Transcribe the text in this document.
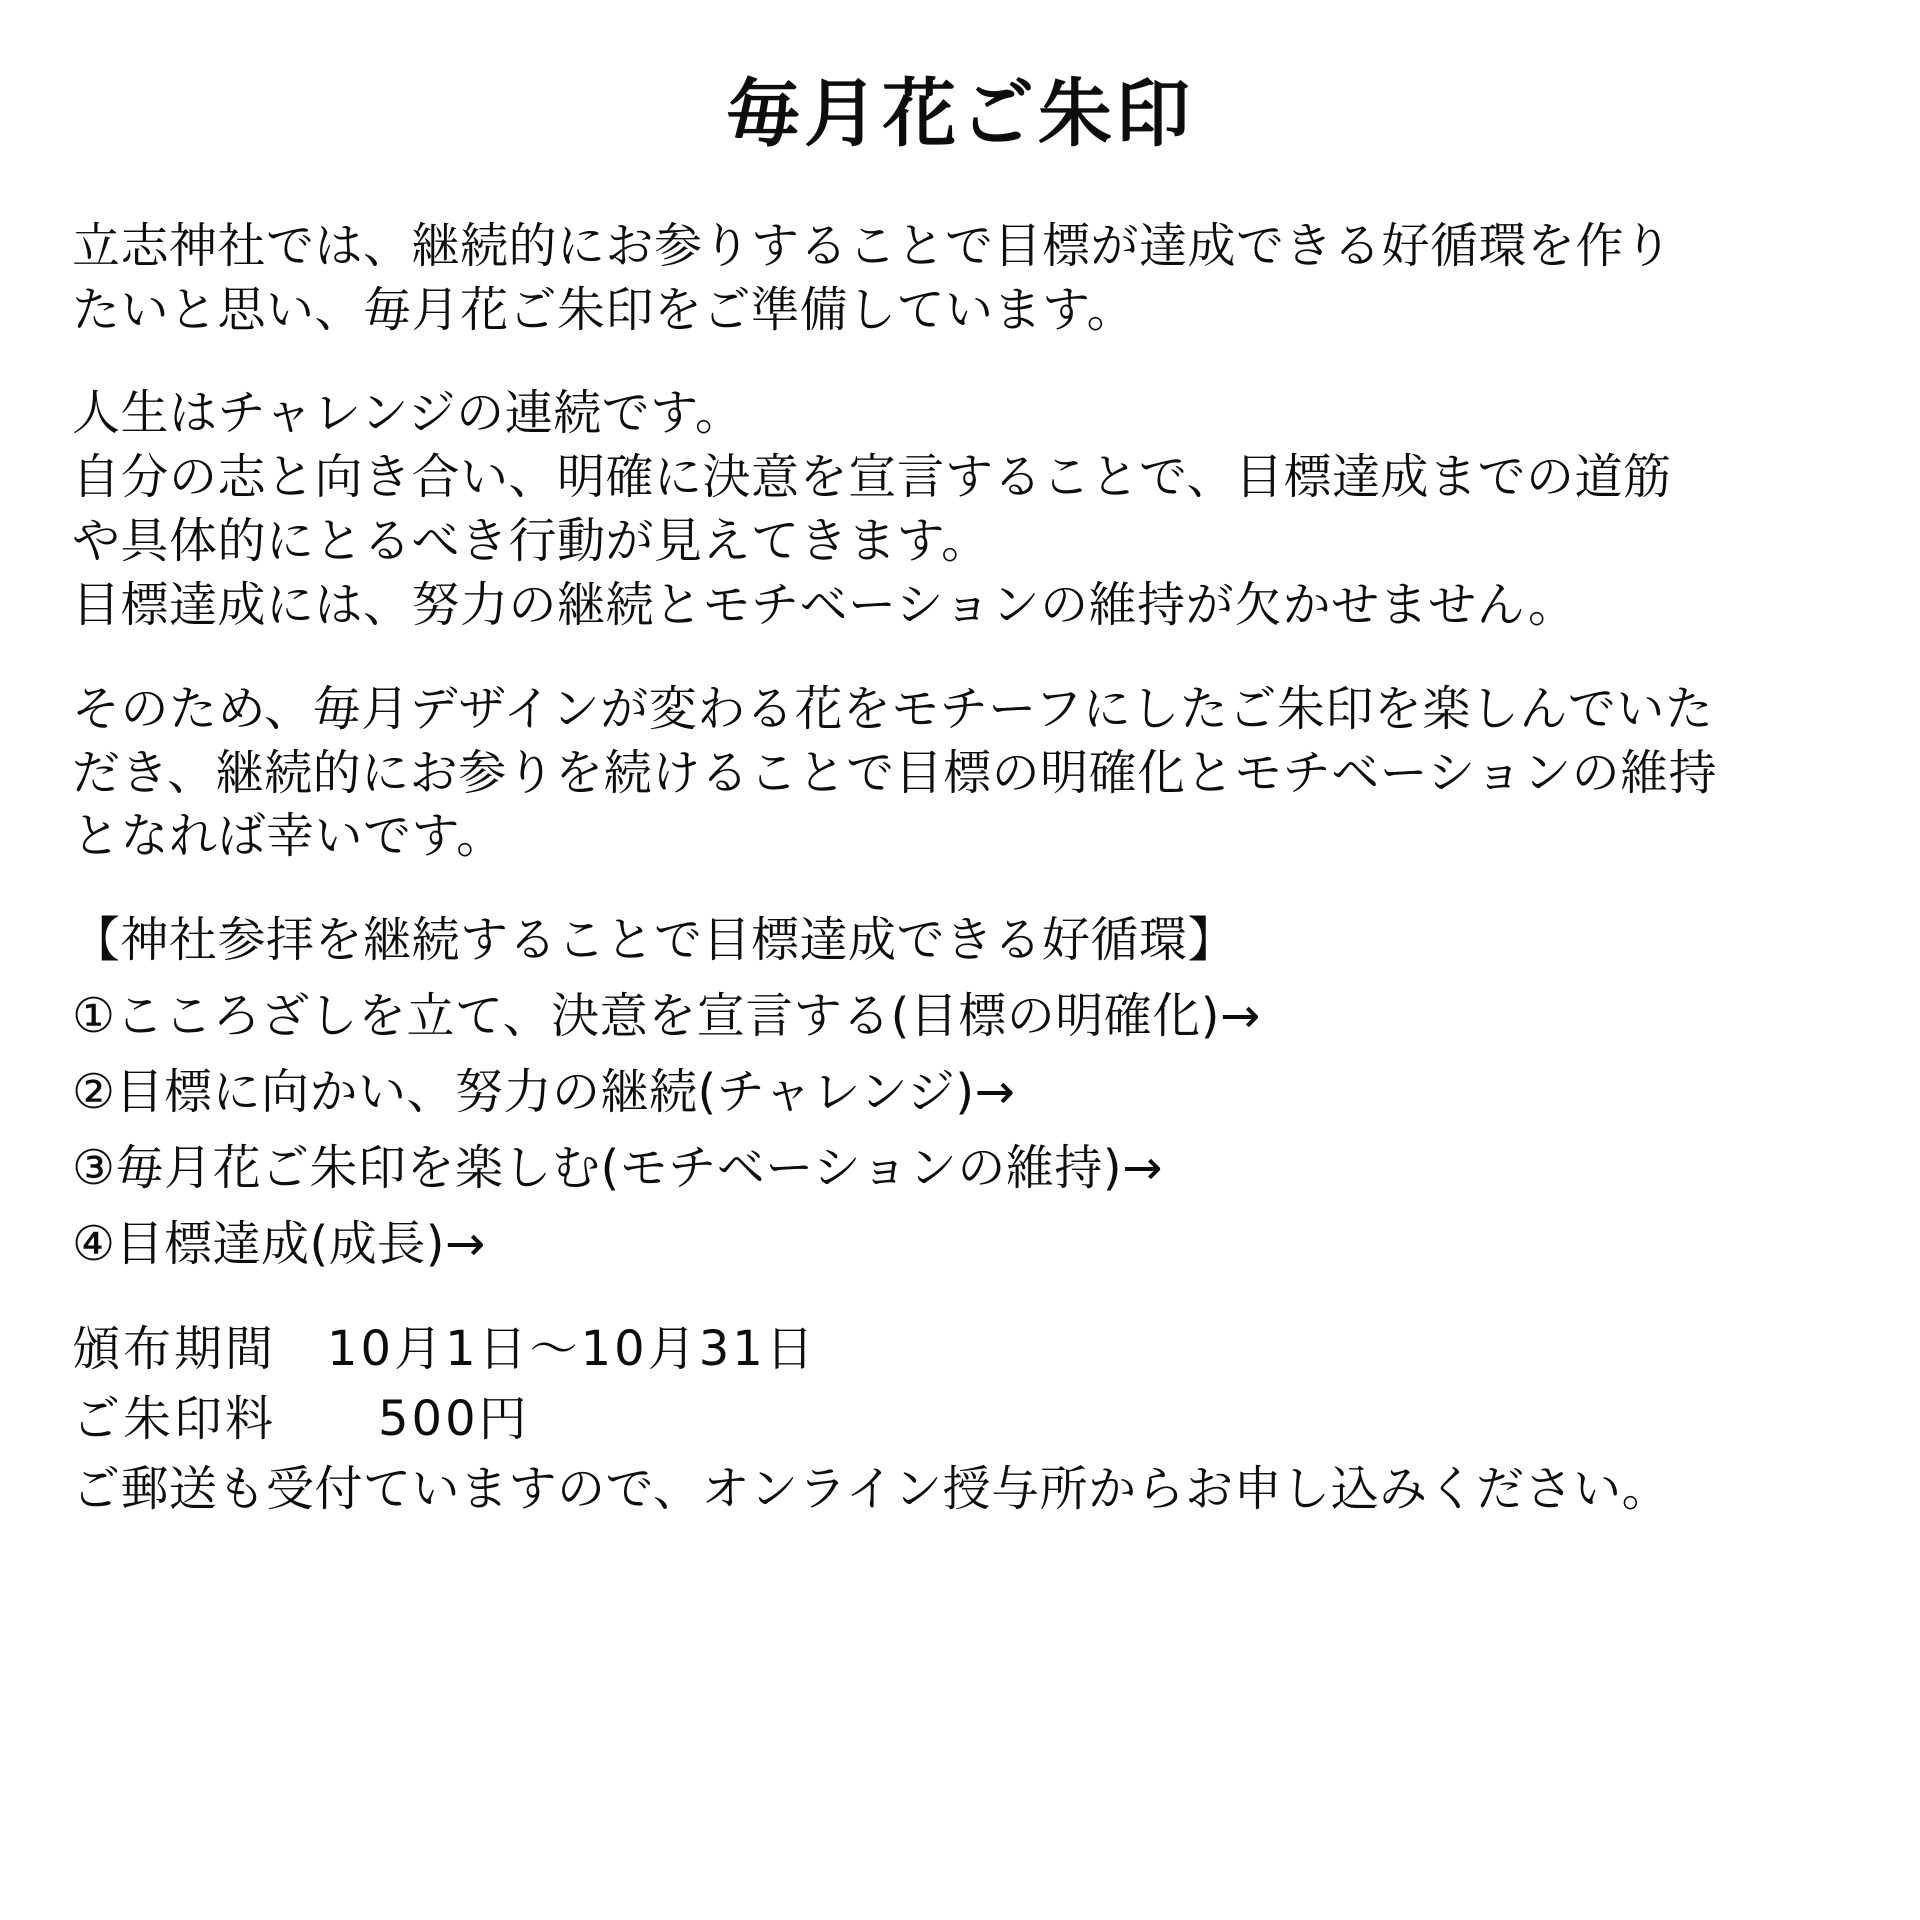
毎月花ご朱印
立志神社では、継続的にお参りすることで目標が達成できる好循環を作り
たいと思い、毎月花ご朱印をご準備しています。
人生はチャレンジの連続です。
自分の志と向き合い、明確に決意を宣言することで、目標達成までの道筋
や具体的にとるべき行動が見えてきます。
目標達成には、努力の継続とモチベーションの維持が欠かせません。
そのため、毎月デザインが変わる花をモチーフにしたご朱印を楽しんでいた
だき、継続的にお参りを続けることで目標の明確化とモチベーションの維持
となれば幸いです。
【神社参拝を継続することで目標達成できる好循環】
①こころざしを立て、決意を宣言する(目標の明確化)→
②目標に向かい、努力の継続(チャレンジ)→
③毎月花ご朱印を楽しむ(モチベーションの維持)→
④目標達成(成長)→
頒布期間　10月1日〜10月31日
ご朱印料　　500円
ご郵送も受付ていますので、オンライン授与所からお申し込みください。
